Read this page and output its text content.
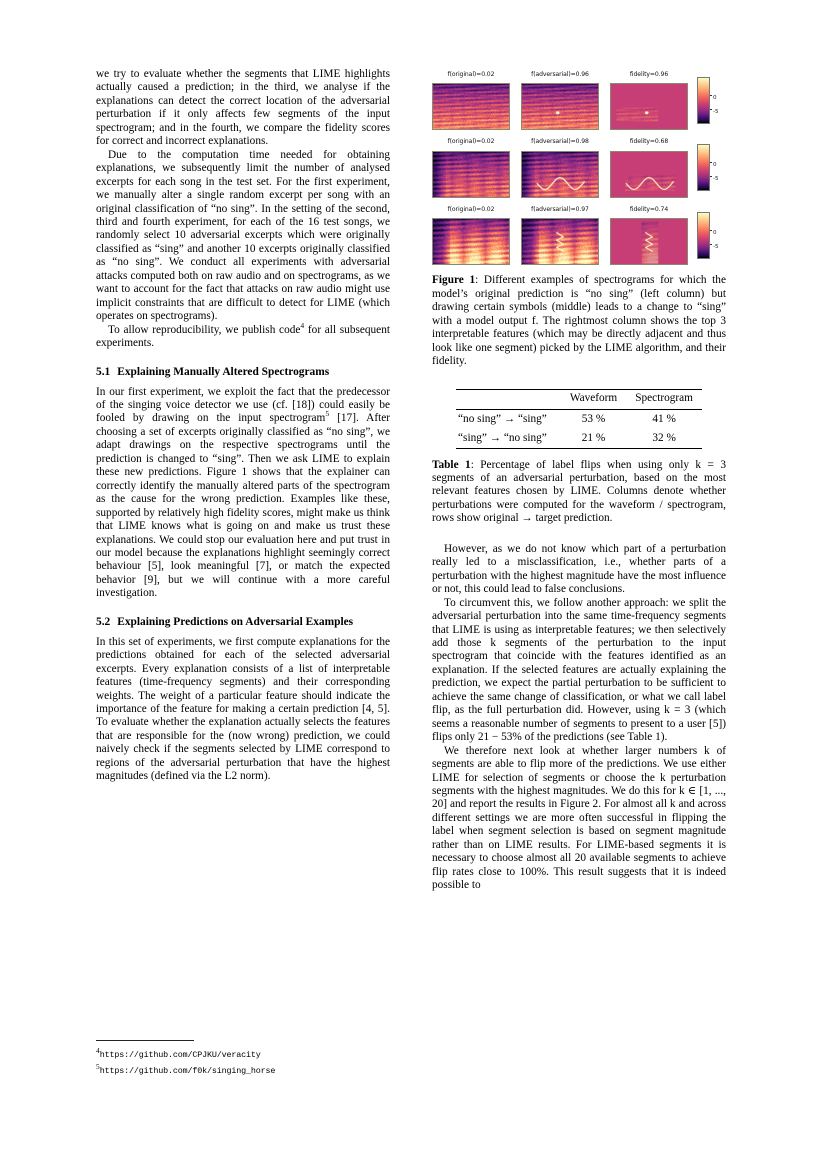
we try to evaluate whether the segments that LIME highlights actually caused a prediction; in the third, we analyse if the explanations can detect the correct location of the adversarial perturbation if it only affects few segments of the input spectrogram; and in the fourth, we compare the fidelity scores for correct and incorrect explanations.

Due to the computation time needed for obtaining explanations, we subsequently limit the number of analysed excerpts for each song in the test set. For the first experiment, we manually alter a single random excerpt per song with an original classification of “no sing”. In the setting of the second, third and fourth experiment, for each of the 16 test songs, we randomly select 10 adversarial excerpts which were originally classified as “sing” and another 10 excerpts originally classified as “no sing”. We conduct all experiments with adversarial attacks computed both on raw audio and on spectrograms, as we want to account for the fact that attacks on raw audio might use implicit constraints that are difficult to detect for LIME (which operates on spectrograms).

To allow reproducibility, we publish code$^4$ for all subsequent experiments.

5.1 Explaining Manually Altered Spectrograms

In our first experiment, we exploit the fact that the predecessor of the singing voice detector we use (cf. [18]) could easily be fooled by drawing on the input spectrogram$^5$ [17]. After choosing a set of excerpts originally classified as “no sing”, we adapt drawings on the respective spectrograms until the prediction is changed to “sing”. Then we ask LIME to explain these new predictions. Figure 1 shows that the explainer can correctly identify the manually altered parts of the spectrogram as the cause for the wrong prediction. Examples like these, supported by relatively high fidelity scores, might make us think that LIME knows what is going on and make us trust these explanations. We could stop our evaluation here and put trust in our model because the explanations highlight seemingly correct behaviour [5], look meaningful [7], or match the expected behavior [9], but we will continue with a more careful investigation.

5.2 Explaining Predictions on Adversarial Examples

In this set of experiments, we first compute explanations for the predictions obtained for each of the selected adversarial excerpts. Every explanation consists of a list of interpretable features (time-frequency segments) and their corresponding weights. The weight of a particular feature should indicate the importance of the feature for making a certain prediction [4, 5]. To evaluate whether the explanation actually selects the features that are responsible for the (now wrong) prediction, we could naively check if the segments selected by LIME correspond to regions of the adversarial perturbation that have the highest magnitudes (defined via the L2 norm).

4https://github.com/CPJKU/veracity
5https://github.com/f0k/singing_horse
f(original)=0.02	f(adversarial)=0.96	fidelity=0.96
0
-5
f(original)=0.02	f(adversarial)=0.98	fidelity=0.68
0
-5
f(original)=0.02	f(adversarial)=0.97	fidelity=0.74
0
-5
Figure 1: Different examples of spectrograms for which the model’s original prediction is “no sing” (left column) but drawing certain symbols (middle) leads to a change to “sing” with a model output f. The rightmost column shows the top 3 interpretable features (which may be directly adjacent and thus look like one segment) picked by the LIME algorithm, and their fidelity.
	Waveform	Spectrogram
“no sing” → “sing”	53 %	41 %
“sing” → “no sing”	21 %	32 %
Table 1: Percentage of label flips when using only k = 3 segments of an adversarial perturbation, based on the most relevant features chosen by LIME. Columns denote whether perturbations were computed for the waveform / spectrogram, rows show original → target prediction.

However, as we do not know which part of a perturbation really led to a misclassification, i.e., whether parts of a perturbation with the highest magnitude have the most influence or not, this could lead to false conclusions.

To circumvent this, we follow another approach: we split the adversarial perturbation into the same time-frequency segments that LIME is using as interpretable features; we then selectively add those k segments of the perturbation to the input spectrogram that coincide with the features identified as an explanation. If the selected features are actually explaining the prediction, we expect the partial perturbation to be sufficient to achieve the same change of classification, or what we call label flip, as the full perturbation did. However, using k = 3 (which seems a reasonable number of segments to present to a user [5]) flips only 21 − 53% of the predictions (see Table 1).

We therefore next look at whether larger numbers k of segments are able to flip more of the predictions. We use either LIME for selection of segments or choose the k perturbation segments with the highest magnitudes. We do this for k ∈ [1, ..., 20] and report the results in Figure 2. For almost all k and across different settings we are more often successful in flipping the label when segment selection is based on segment magnitude rather than on LIME results. For LIME-based segments it is necessary to choose almost all 20 available segments to achieve flip rates close to 100%. This result suggests that it is indeed possible to
